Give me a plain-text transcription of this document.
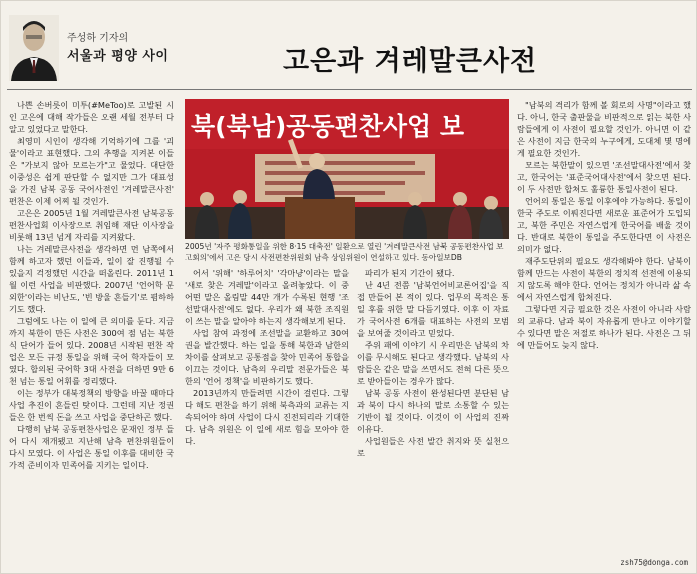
주성하 기자의
서울과 평양 사이	고은과 겨레말큰사전

나쁜 손버릇이 미투(#MeToo)로 고발된 시인 고은에 대해 작가들은 오랜 세월 전부터 다 알고 있었다고 말한다.

최영미 시인이 생각해 기억하기에 그를 '괴물'이라고 표현했다. 그의 추행을 지켜본 이들은 "가보지 않아 모르는가"고 물었다. 대단한 이중성은 쉽게 판단할 수 없지만 그가 대표성을 가진 남북 공동 국어사전인 '겨레말큰사전' 편찬은 이제 어찌 될 것인가.

고은은 2005년 1월 겨레말큰사전 남북공동편찬사업회 이사장으로 취임해 재단 이사장을 비롯해 13년 넘게 자리를 지켜왔다.

나는 겨레말큰사전을 생각하면 먼 남쪽에서 함께 하고자 했던 이들과, 일이 잘 진행될 수 있을지 걱정했던 시간을 떠올린다. 2011년 1월 이런 사업을 비판했다. 2007년 '언어학 문외한'이라는 비난도, '빈 방울 흔들기'로 폄하하기도 했다.

그럼에도 나는 이 일에 큰 의미를 둔다. 지금까지 북한이 만든 사전은 300여 점 넘는 북한식 단어가 들어 있다. 2008년 시작된 편찬 작업은 모든 규정 통일을 위해 국어 학자들이 모였다. 합의된 국어학 3대 사전을 더하면 9만 6천 넘는 통일 어휘를 정리했다.

이는 정부가 대북정책의 방향을 바꿀 때마다 사업 추진이 흔들린 탓이다. 그런데 지난 정권들은 한 번씩 돈을 쓰고 사업을 중단하곤 했다.

다행히 남북 공동편찬사업은 문재인 정부 들어 다시 재개됐고 지난해 남측 편찬위원들이 다시 모였다. 이 사업은 통일 이후를 대비한 국가적 준비이자 민족어를 지키는 일이다.

북(북남)공동편찬사업 보
2005년 '자주 평화통일을 위한 8·15 대축전' 일환으로 열린 '겨레말큰사전 남북 공동편찬사업 보고회의'에서 고은 당시 사전편찬위원회 남측 상임위원이 연설하고 있다. 동아일보DB

어서 '위해' '하루어치' '각마냥'이라는 말을 '새로 찾은 겨레말'이라고 올려놓았다. 이 중 어떤 말은 올림말 44만 개가 수록된 현행 '조선말대사전'에도 없다. 우리가 왜 북한 조직원이 쓰는 말을 알아야 하는지 생각해보게 된다.

사업 참여 과정에 조선말을 교환하고 30여 권을 발간했다. 하는 일을 통해 북한과 남한의 차이를 살펴보고 공통점을 찾아 민족어 통합을 이끄는 것이다. 남측의 우리말 전문가들은 북한의 '언어 정책'을 비판하기도 했다.

2013년까지 만들려면 시간이 걸린다. 그렇다 해도 편찬을 하기 위해 북측과의 교류는 지속되어야 하며 사업이 다시 진전되리라 기대한다. 남측 위원은 이 일에 새로 힘을 모아야 한다.

파리가 된지 기간이 됐다.

난 4년 전쯤 '남북언어비교론어집'을 직접 만들어 본 적이 있다. 업무의 목적은 통일 후를 위한 말 다듬기였다. 이후 이 자료가 국어사전 6개를 대표하는 사전의 모범을 보여줄 것이라고 믿었다.

주위 패에 이야기 시 우리만은 남북의 차이를 무시해도 된다고 생각했다. 남북의 사람들은 같은 말을 쓰면서도 전혀 다른 뜻으로 받아들이는 경우가 많다.

남북 공동 사전이 완성된다면 분단된 남과 북이 다시 하나의 말로 소통할 수 있는 기반이 될 것이다. 이것이 이 사업의 진짜 이유다.

사업원들은 사전 발간 취지와 뜻 실천으로

"남북의 격리가 함께 볼 회로의 사명"이라고 했다. 아니, 한국 출판물을 비판적으로 읽는 북한 사람들에게 이 사전이 필요할 것인가. 아니면 이 같은 사전이 지금 한국의 누구에게, 도대체 몇 명에게 필요한 것인가.

모르는 북한말이 있으면 '조선말대사전'에서 찾고, 한국어는 '표준국어대사전'에서 찾으면 된다. 이 두 사전만 합쳐도 훌륭한 통일사전이 된다.

언어의 통일은 통일 이후에야 가능하다. 통일이 한국 주도로 이뤄진다면 새로운 표준어가 도입되고, 북한 주민은 자연스럽게 한국어를 배울 것이다. 반대로 북한이 통일을 주도한다면 이 사전은 의미가 없다.

재주도단위의 필요도 생각해봐야 한다. 남북이 함께 만드는 사전이 북한의 정치적 선전에 이용되지 않도록 해야 한다. 언어는 정치가 아니라 삶 속에서 자연스럽게 합쳐진다.

그렇다면 지금 필요한 것은 사전이 아니라 사람의 교류다. 남과 북이 자유롭게 만나고 이야기할 수 있다면 말은 저절로 하나가 된다. 사전은 그 뒤에 만들어도 늦지 않다.

zsh75@donga.com
